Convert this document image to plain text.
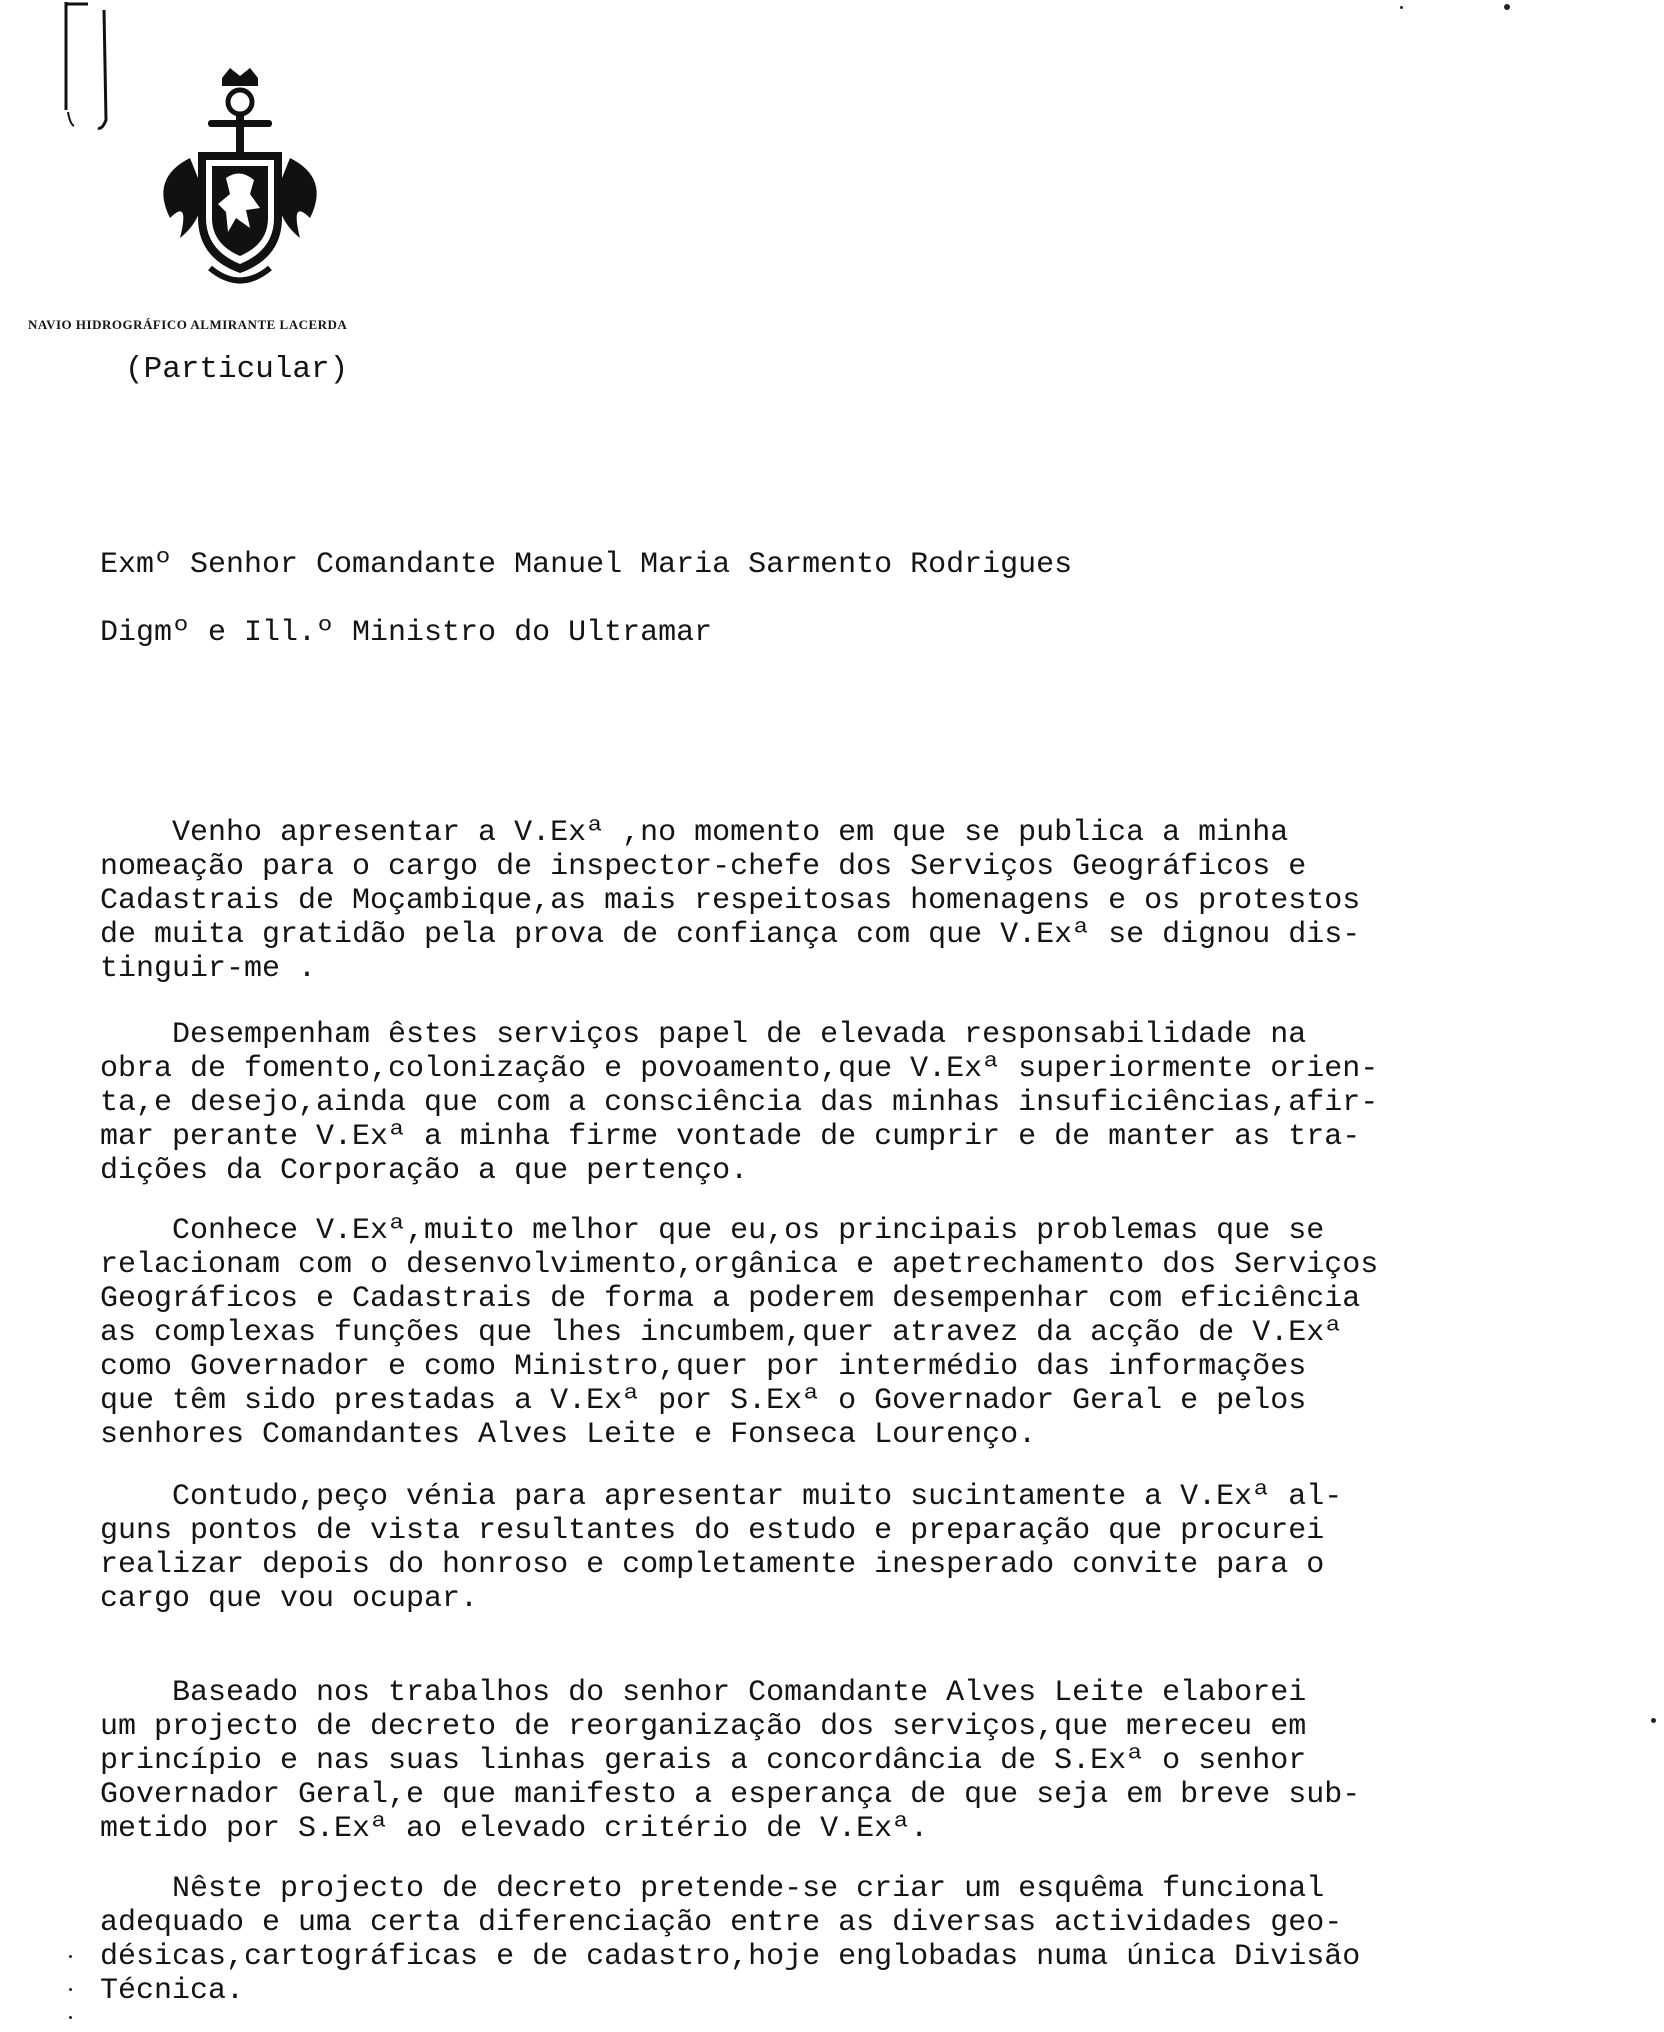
NAVIO HIDROGRÁFICO ALMIRANTE LACERDA
(Particular)
Exmº Senhor Comandante Manuel Maria Sarmento Rodrigues
Digmº e Ill.º Ministro do Ultramar
Venho apresentar a V.Exª ,no momento em que se publica a minha
nomeação para o cargo de inspector-chefe dos Serviços Geográficos e
Cadastrais de Moçambique,as mais respeitosas homenagens e os protestos
de muita gratidão pela prova de confiança com que V.Exª se dignou dis-
tinguir-me .
Desempenham êstes serviços papel de elevada responsabilidade na
obra de fomento,colonização e povoamento,que V.Exª superiormente orien-
ta,e desejo,ainda que com a consciência das minhas insuficiências,afir-
mar perante V.Exª a minha firme vontade de cumprir e de manter as tra-
dições da Corporação a que pertenço.
Conhece V.Exª,muito melhor que eu,os principais problemas que se
relacionam com o desenvolvimento,orgânica e apetrechamento dos Serviços
Geográficos e Cadastrais de forma a poderem desempenhar com eficiência
as complexas funções que lhes incumbem,quer atravez da acção de V.Exª
como Governador e como Ministro,quer por intermédio das informações
que têm sido prestadas a V.Exª por S.Exª o Governador Geral e pelos
senhores Comandantes Alves Leite e Fonseca Lourenço.
Contudo,peço vénia para apresentar muito sucintamente a V.Exª al-
guns pontos de vista resultantes do estudo e preparação que procurei
realizar depois do honroso e completamente inesperado convite para o
cargo que vou ocupar.
Baseado nos trabalhos do senhor Comandante Alves Leite elaborei
um projecto de decreto de reorganização dos serviços,que mereceu em
princípio e nas suas linhas gerais a concordância de S.Exª o senhor
Governador Geral,e que manifesto a esperança de que seja em breve sub-
metido por S.Exª ao elevado critério de V.Exª.
Nêste projecto de decreto pretende-se criar um esquêma funcional
adequado e uma certa diferenciação entre as diversas actividades geo-
désicas,cartográficas e de cadastro,hoje englobadas numa única Divisão
Técnica.
